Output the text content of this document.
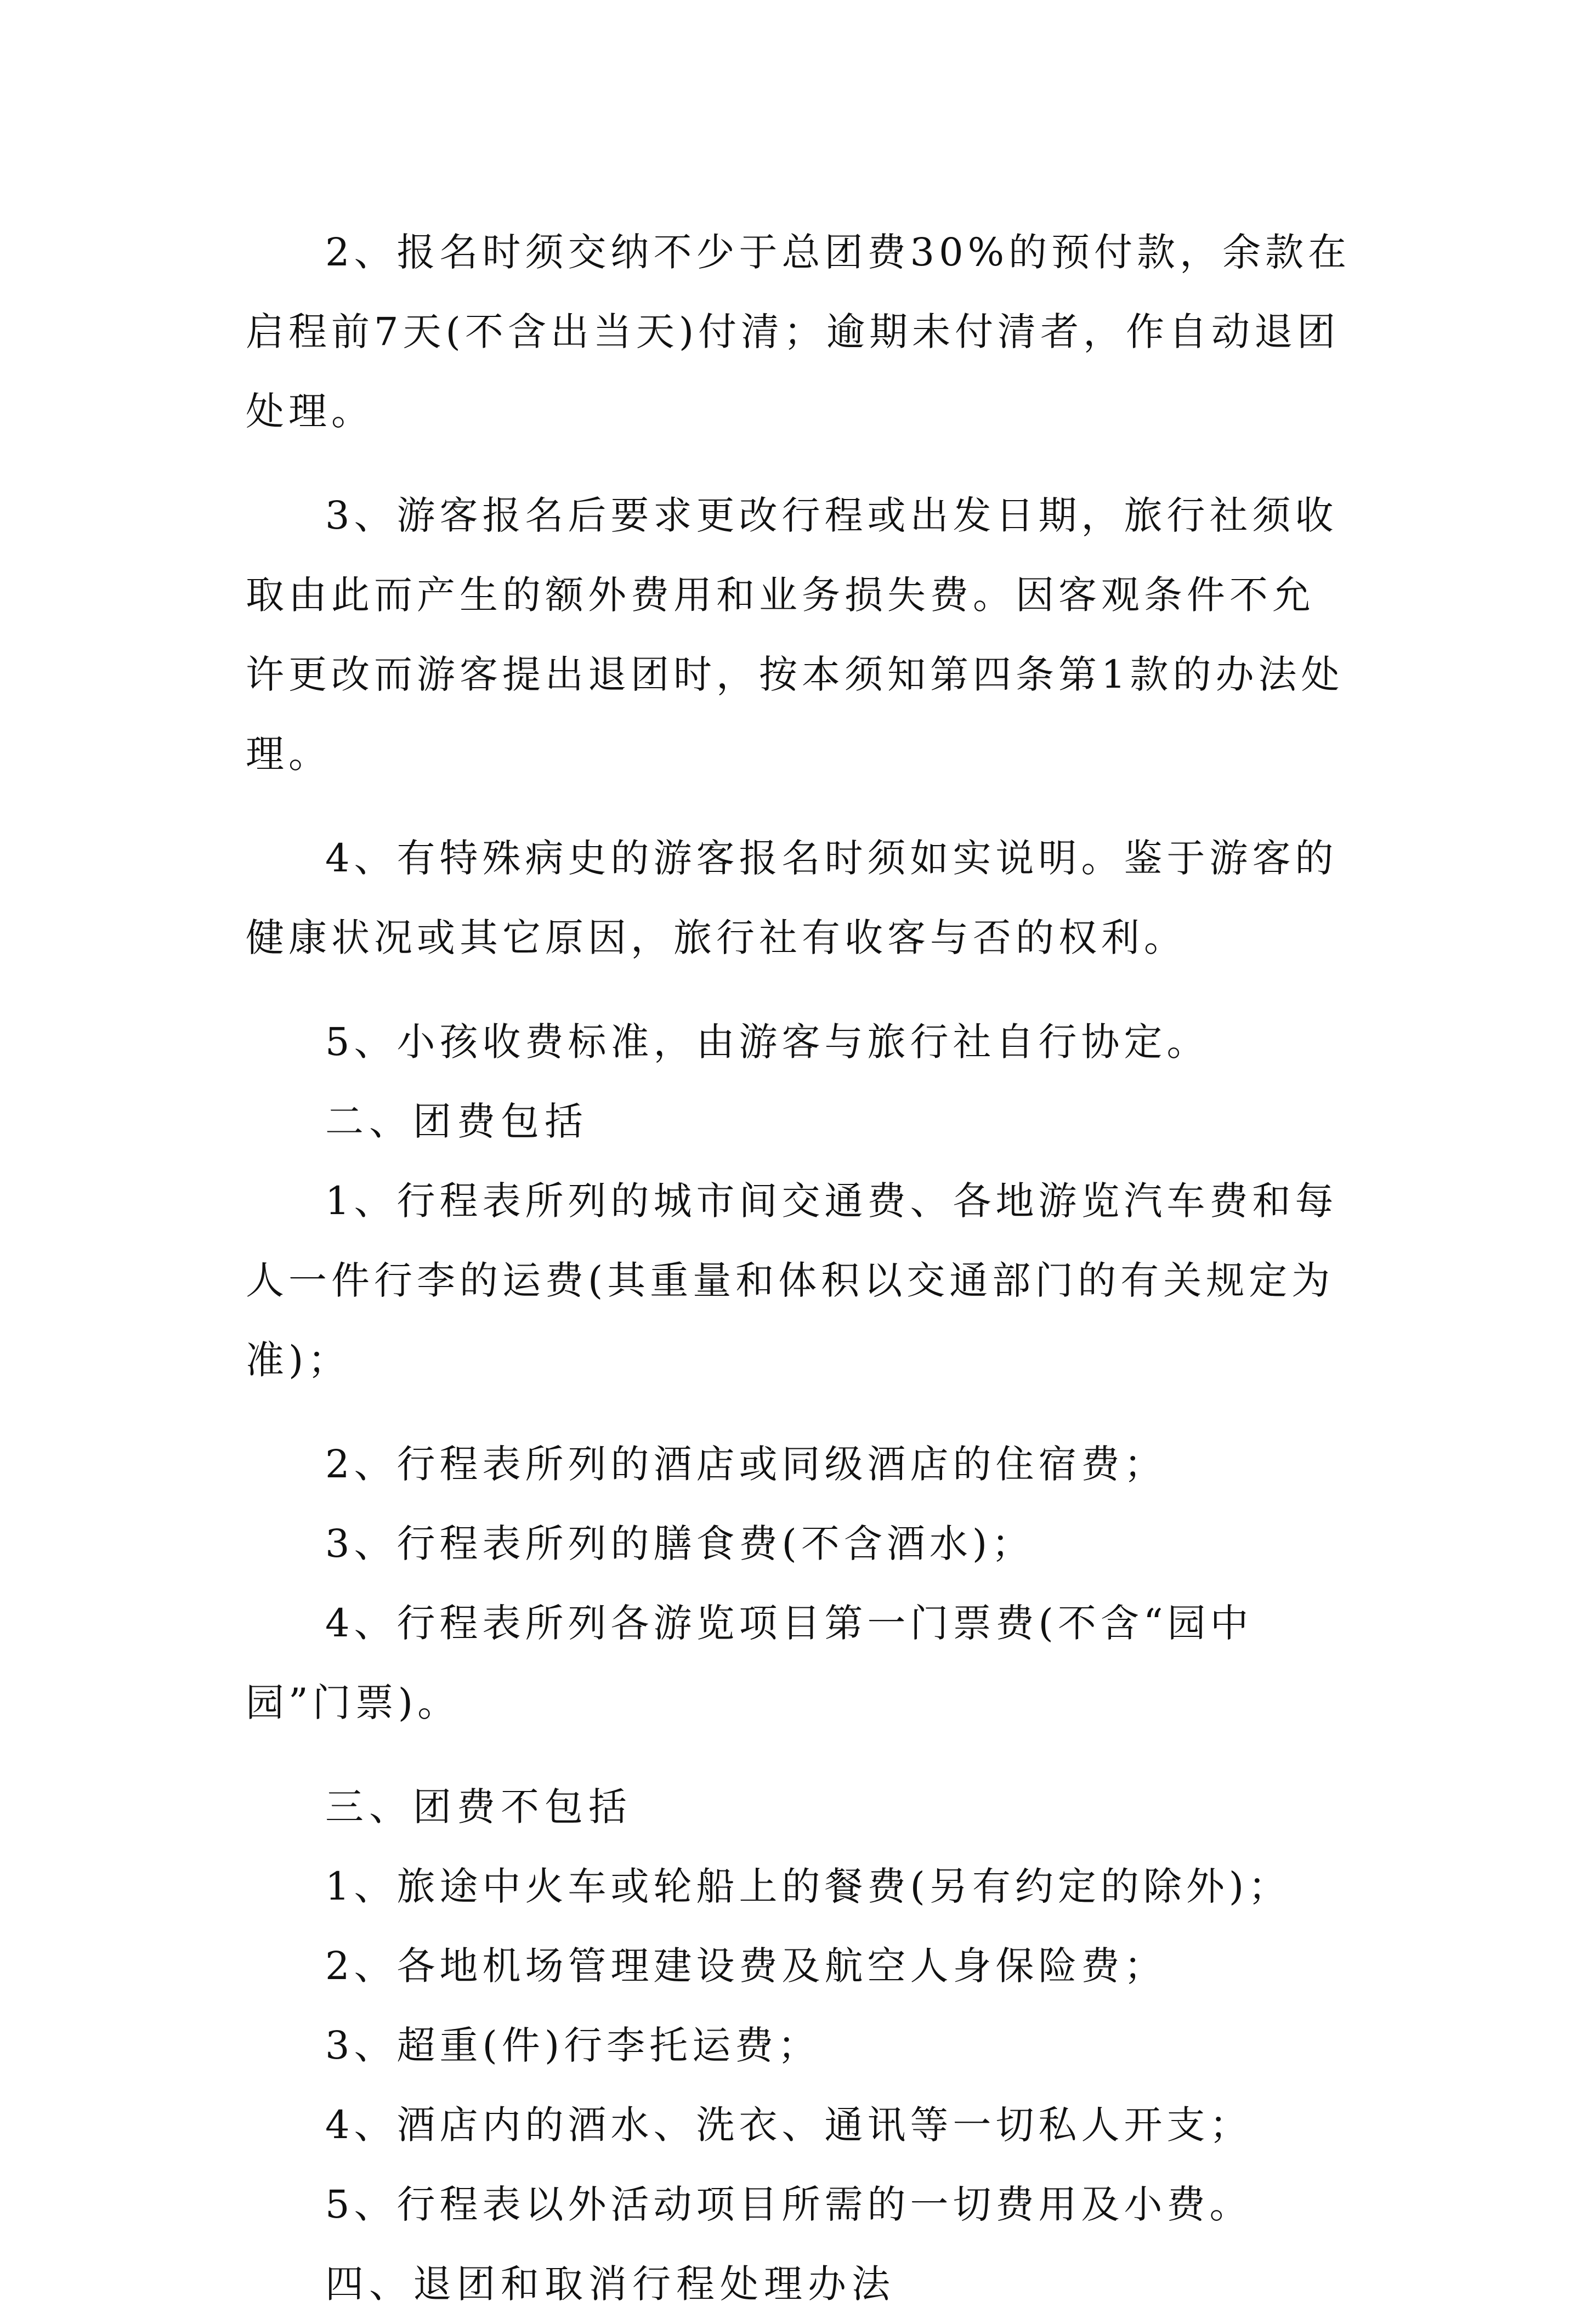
2、报名时须交纳不少于总团费30%的预付款，余款在启程前7天(不含出当天)付清；逾期未付清者，作自动退团处理。

3、游客报名后要求更改行程或出发日期，旅行社须收取由此而产生的额外费用和业务损失费。因客观条件不允许更改而游客提出退团时，按本须知第四条第1款的办法处理。

4、有特殊病史的游客报名时须如实说明。鉴于游客的健康状况或其它原因，旅行社有收客与否的权利。

5、小孩收费标准，由游客与旅行社自行协定。

二、团费包括

1、行程表所列的城市间交通费、各地游览汽车费和每人一件行李的运费(其重量和体积以交通部门的有关规定为准)；

2、行程表所列的酒店或同级酒店的住宿费；

3、行程表所列的膳食费(不含酒水)；

4、行程表所列各游览项目第一门票费(不含“园中园”门票)。

三、团费不包括

1、旅途中火车或轮船上的餐费(另有约定的除外)；

2、各地机场管理建设费及航空人身保险费；

3、超重(件)行李托运费；

4、酒店内的酒水、洗衣、通讯等一切私人开支；

5、行程表以外活动项目所需的一切费用及小费。

四、退团和取消行程处理办法
